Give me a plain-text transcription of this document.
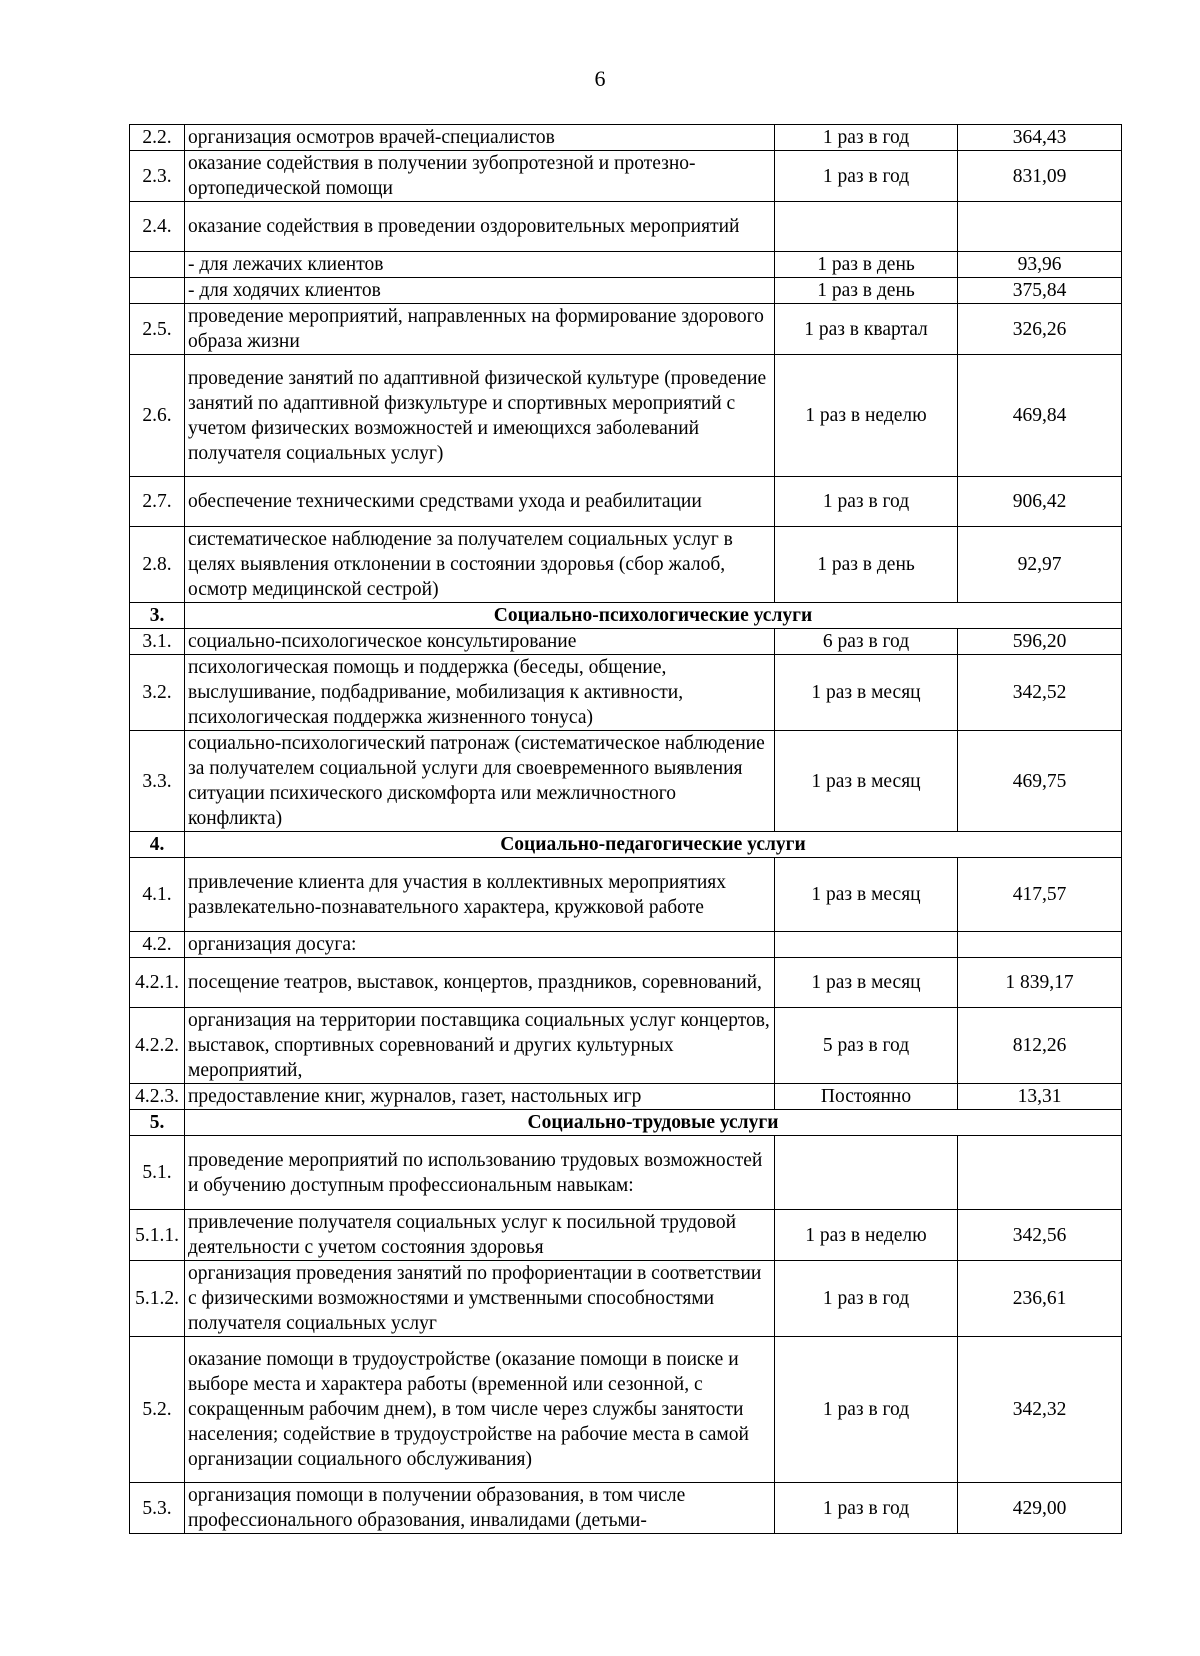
6
2.2.	организация осмотров врачей-специалистов	1 раз в год	364,43
2.3.	оказание содействия в получении зубопротезной и протезно-ортопедической помощи	1 раз в год	831,09
2.4.	оказание содействия в проведении оздоровительных мероприятий		
	- для лежачих клиентов	1 раз в день	93,96
	- для ходячих клиентов	1 раз в день	375,84
2.5.	проведение мероприятий, направленных на формирование здорового образа жизни	1 раз в квартал	326,26
2.6.	проведение занятий по адаптивной физической культуре (проведение занятий по адаптивной физкультуре и спортивных мероприятий с учетом физических возможностей и имеющихся заболеваний получателя социальных услуг)	1 раз в неделю	469,84
2.7.	обеспечение техническими средствами ухода и реабилитации	1 раз в год	906,42
2.8.	систематическое наблюдение за получателем социальных услуг в целях выявления отклонении в состоянии здоровья (сбор жалоб, осмотр медицинской сестрой)	1 раз в день	92,97
3.	Социально-психологические услуги		
3.1.	социально-психологическое консультирование	6 раз в год	596,20
3.2.	психологическая помощь и поддержка (беседы, общение, выслушивание, подбадривание, мобилизация к активности, психологическая поддержка жизненного тонуса)	1 раз в месяц	342,52
3.3.	социально-психологический патронаж (систематическое наблюдение за получателем социальной услуги для своевременного выявления ситуации психического дискомфорта или межличностного конфликта)	1 раз в месяц	469,75
4.	Социально-педагогические услуги		
4.1.	привлечение клиента для участия в коллективных мероприятиях развлекательно-познавательного характера, кружковой работе	1 раз в месяц	417,57
4.2.	организация досуга:		
4.2.1.	посещение театров, выставок, концертов, праздников, соревнований,	1 раз в месяц	1 839,17
4.2.2.	организация на территории поставщика социальных услуг концертов, выставок, спортивных соревнований и других культурных мероприятий,	5 раз в год	812,26
4.2.3.	предоставление книг, журналов, газет, настольных игр	Постоянно	13,31
5.	Социально-трудовые услуги		
5.1.	проведение мероприятий по использованию трудовых возможностей и обучению доступным профессиональным навыкам:		
5.1.1.	привлечение получателя социальных услуг к посильной трудовой деятельности с учетом состояния здоровья	1 раз в неделю	342,56
5.1.2.	организация проведения занятий по профориентации в соответствии с физическими возможностями и умственными способностями получателя социальных услуг	1 раз в год	236,61
5.2.	оказание помощи в трудоустройстве (оказание помощи в поиске и выборе места и характера работы (временной или сезонной, с сокращенным рабочим днем), в том числе через службы занятости населения; содействие в трудоустройстве на рабочие места в самой организации социального обслуживания)	1 раз в год	342,32
5.3.	организация помощи в получении образования, в том числе профессионального образования, инвалидами (детьми-	1 раз в год	429,00
